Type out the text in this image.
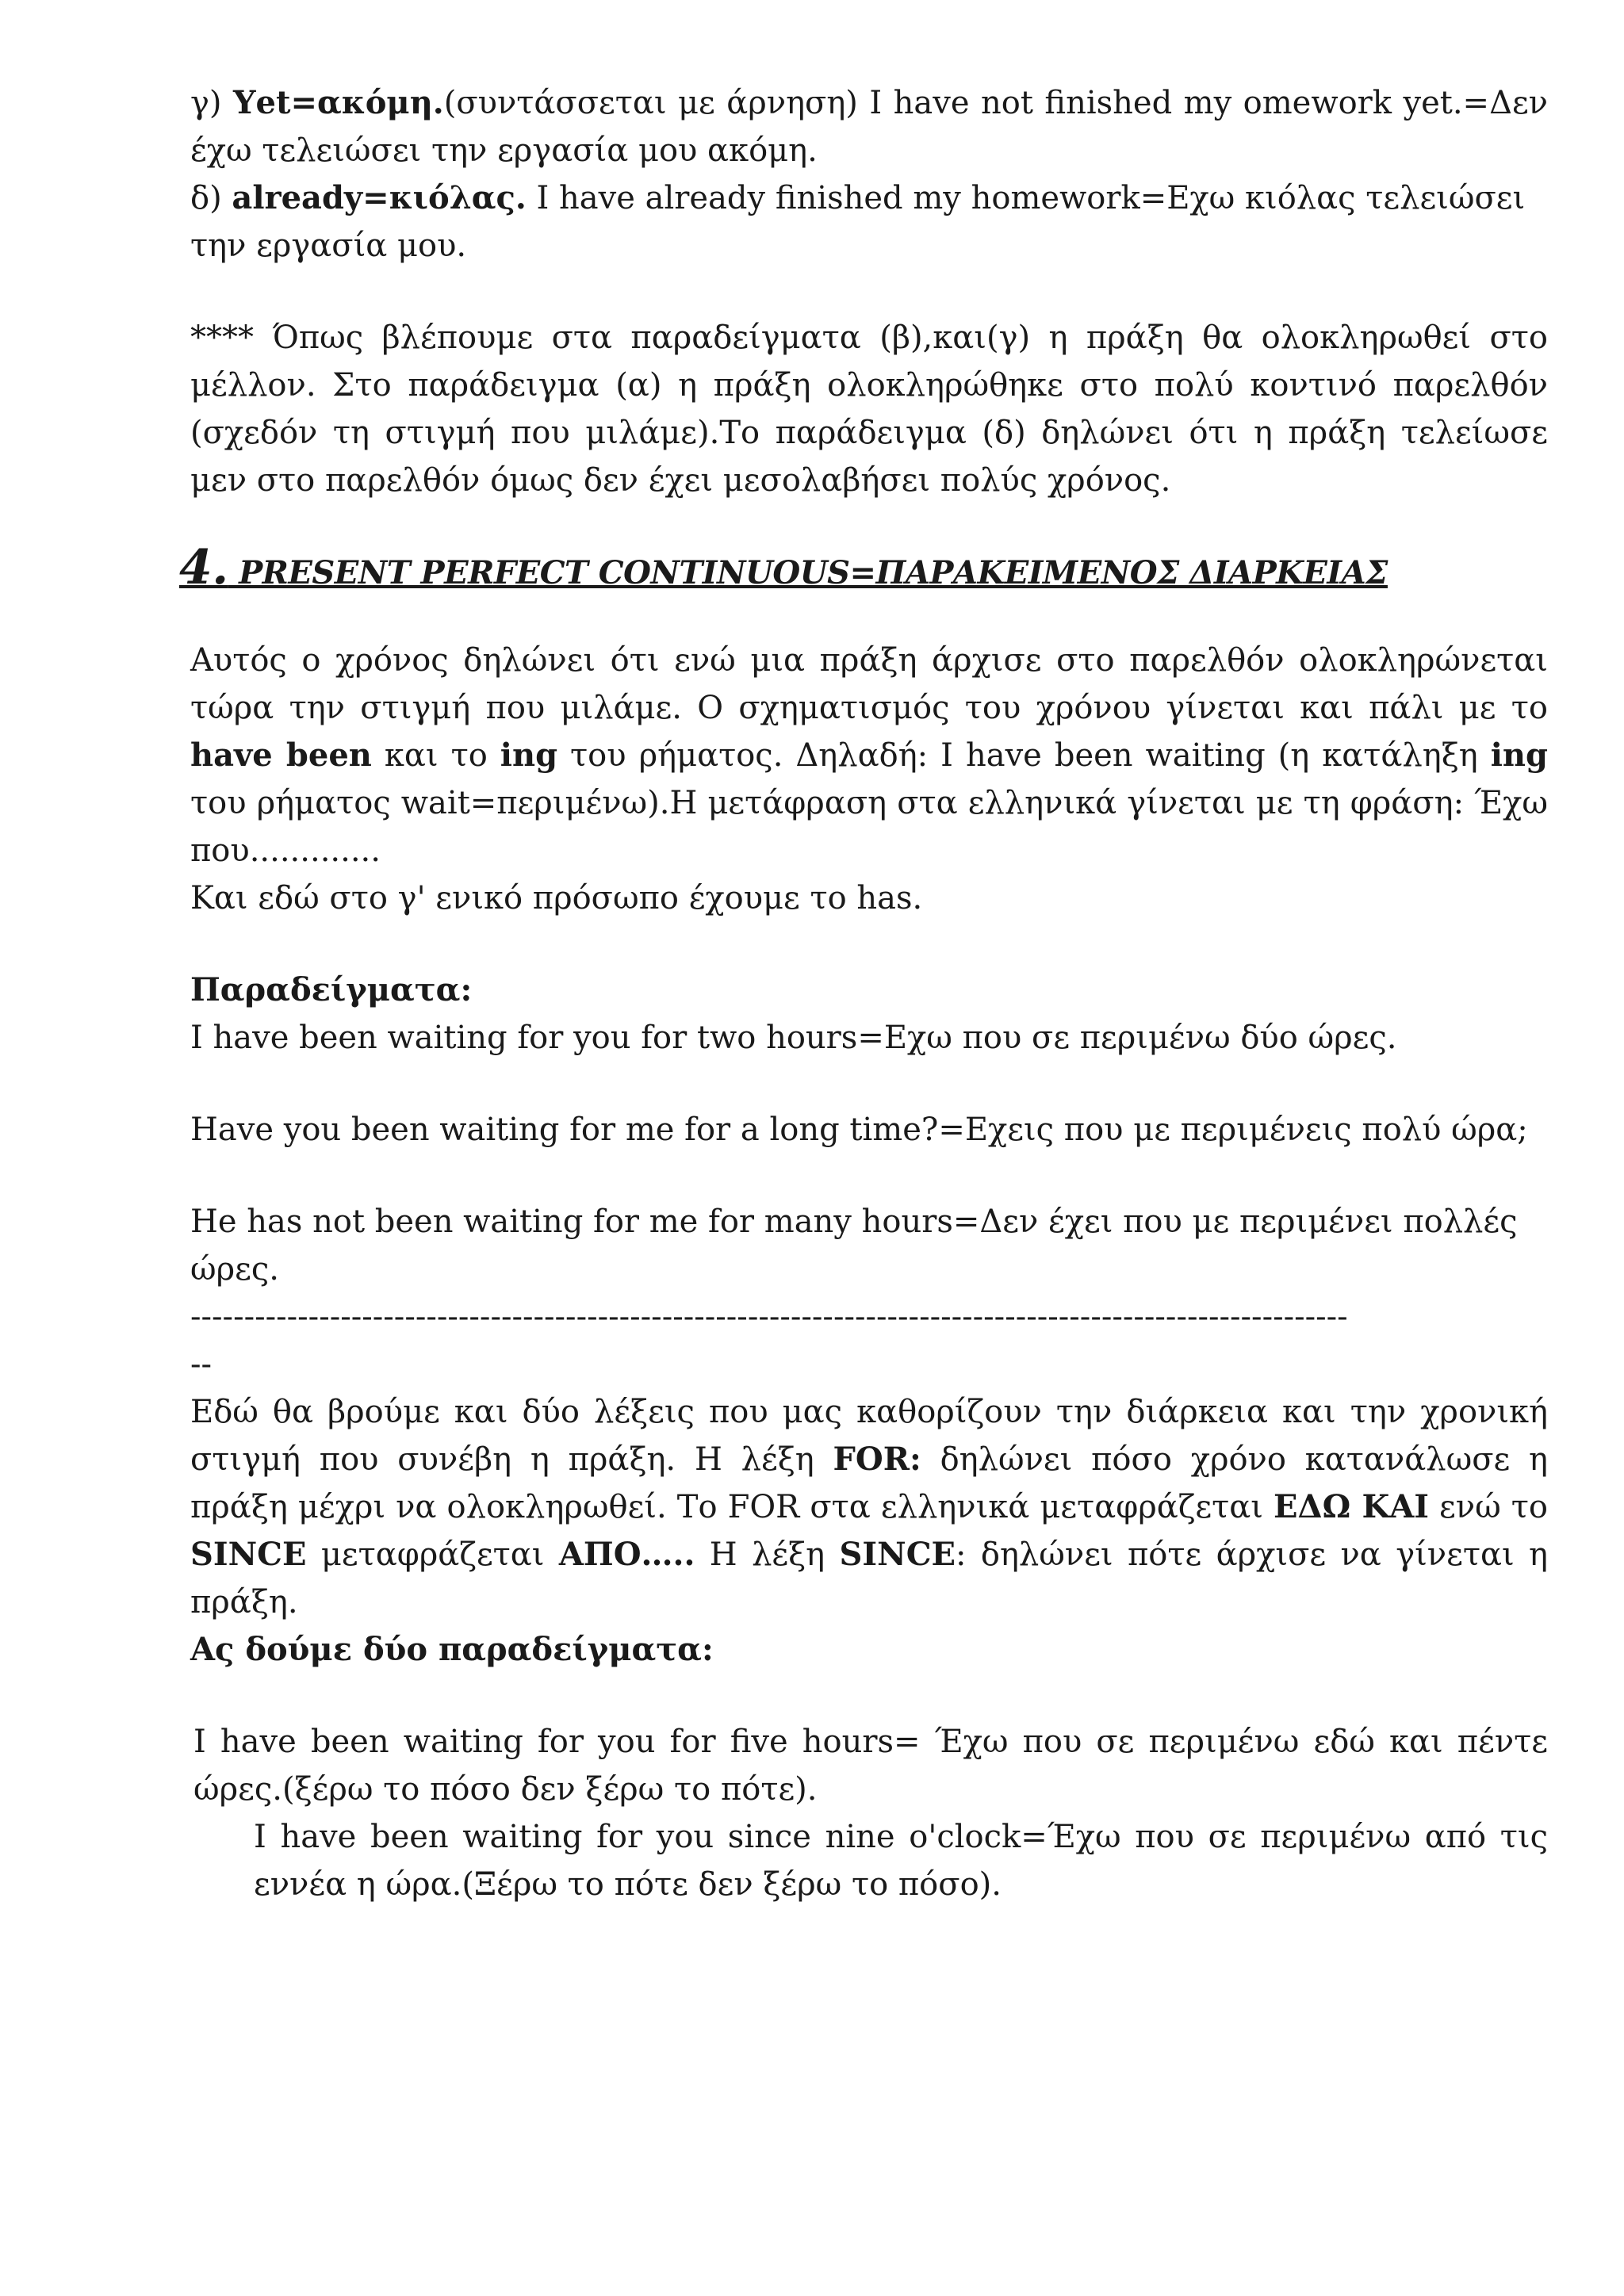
γ) Υet=ακόμη.(συντάσσεται με άρνηση) I have not finished my omework yet.=Δεν έχω τελειώσει την εργασία μου ακόμη.

δ) already=κιόλας. I have already finished my homework=Εχω κιόλας τελειώσει την εργασία μου.

**** Όπως βλέπουμε στα παραδείγματα (β),και(γ) η πράξη θα ολοκληρωθεί στο μέλλον. Στο παράδειγμα (α) η πράξη ολοκληρώθηκε στο πολύ κοντινό παρελθόν (σχεδόν τη στιγμή που μιλάμε).Το παράδειγμα (δ) δηλώνει ότι η πράξη τελείωσε μεν στο παρελθόν όμως δεν έχει μεσολαβήσει πολύς χρόνος.

4. PRESENT PERFECT CONTINUOUS=ΠΑΡΑΚΕΙΜΕΝΟΣ ΔΙΑΡΚΕΙΑΣ

Αυτός ο χρόνος δηλώνει ότι ενώ μια πράξη άρχισε στο παρελθόν ολοκληρώνεται τώρα την στιγμή που μιλάμε. Ο σχηματισμός του χρόνου γίνεται και πάλι με το have been και το ing του ρήματος. Δηλαδή: I have been waiting (η κατάληξη ing του ρήματος wait=περιμένω).Η μετάφραση στα ελληνικά γίνεται με τη φράση: Έχω που.............

Και εδώ στο γ' ενικό πρόσωπο έχουμε το has.

Παραδείγματα:

I have been waiting for you for two hours=Εχω που σε περιμένω δύο ώρες.

Have you been waiting for me for a long time?=Εχεις που με περιμένεις πολύ ώρα;

He has not been waiting for me for many hours=Δεν έχει που με περιμένει πολλές ώρες.

------------------------------------------------------------------------------------------------------------

--

Εδώ θα βρούμε και δύο λέξεις που μας καθορίζουν την διάρκεια και την χρονική στιγμή που συνέβη η πράξη. Η λέξη FOR: δηλώνει πόσο χρόνο κατανάλωσε η πράξη μέχρι να ολοκληρωθεί. Το FOR στα ελληνικά μεταφράζεται ΕΔΩ ΚΑΙ ενώ το SINCE μεταφράζεται ΑΠΟ….. Η λέξη SINCE: δηλώνει πότε άρχισε να γίνεται η πράξη.

Ας δούμε δύο παραδείγματα:

I have been waiting for you for five hours= Έχω που σε περιμένω εδώ και πέντε ώρες.(ξέρω το πόσο δεν ξέρω το πότε).

I have been waiting for you since nine o'clock=Έχω που σε περιμένω από τις εννέα η ώρα.(Ξέρω το πότε δεν ξέρω το πόσο).
